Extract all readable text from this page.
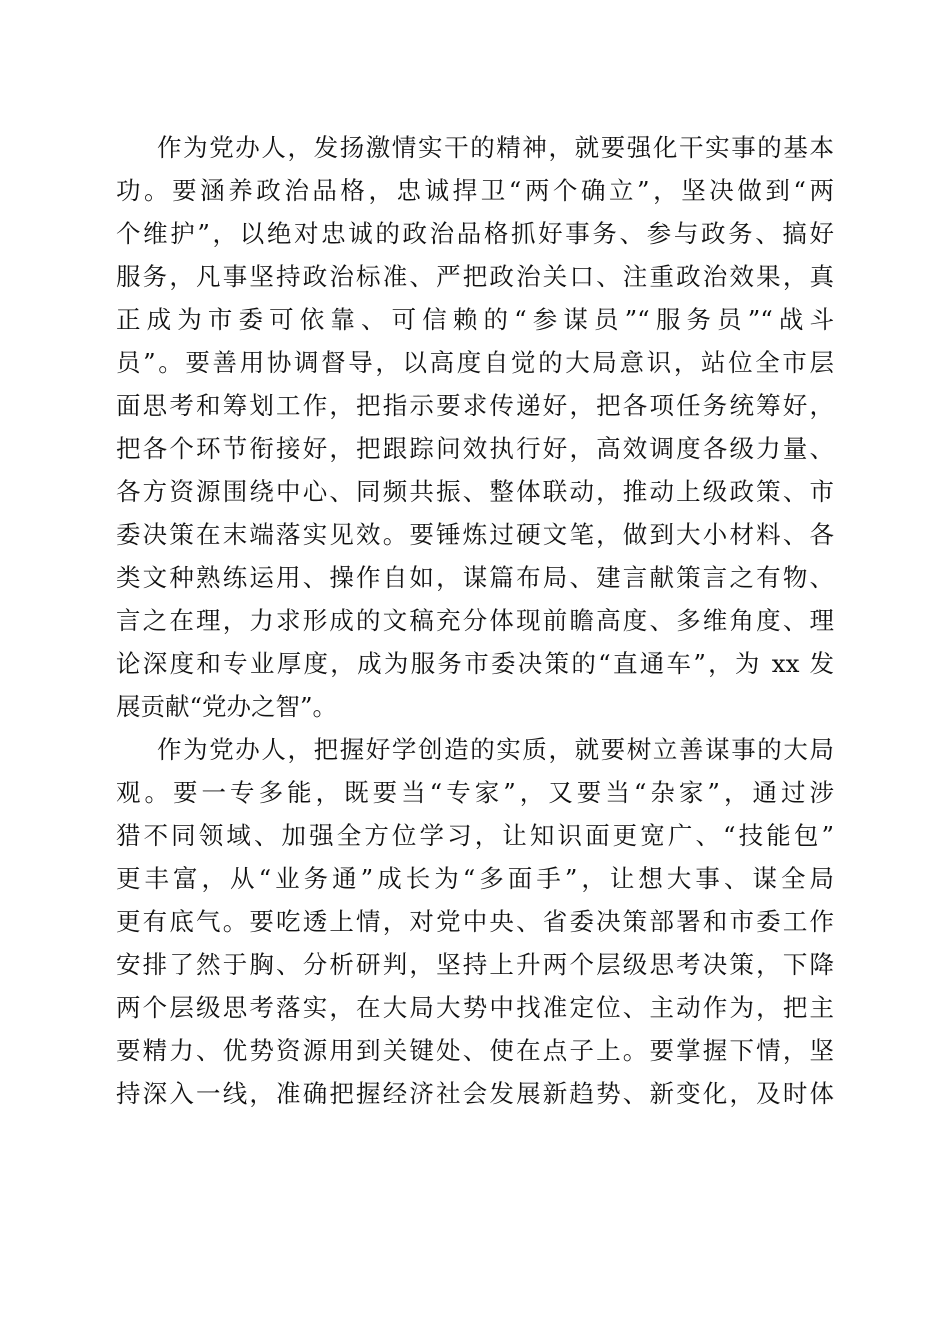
作为党办人，发扬激情实干的精神，就要强化干实事的基本
功。要涵养政治品格，忠诚捍卫“两个确立”，坚决做到“两
个维护”，以绝对忠诚的政治品格抓好事务、参与政务、搞好
服务，凡事坚持政治标准、严把政治关口、注重政治效果，真
正成为市委可依靠、可信赖的“参谋员”“服务员”“战斗
员”。要善用协调督导，以高度自觉的大局意识，站位全市层
面思考和筹划工作，把指示要求传递好，把各项任务统筹好，
把各个环节衔接好，把跟踪问效执行好，高效调度各级力量、
各方资源围绕中心、同频共振、整体联动，推动上级政策、市
委决策在末端落实见效。要锤炼过硬文笔，做到大小材料、各
类文种熟练运用、操作自如，谋篇布局、建言献策言之有物、
言之在理，力求形成的文稿充分体现前瞻高度、多维角度、理
论深度和专业厚度，成为服务市委决策的“直通车”，为 xx 发
展贡献“党办之智”。

作为党办人，把握好学创造的实质，就要树立善谋事的大局
观。要一专多能，既要当“专家”，又要当“杂家”，通过涉
猎不同领域、加强全方位学习，让知识面更宽广、“技能包”
更丰富，从“业务通”成长为“多面手”，让想大事、谋全局
更有底气。要吃透上情，对党中央、省委决策部署和市委工作
安排了然于胸、分析研判，坚持上升两个层级思考决策，下降
两个层级思考落实，在大局大势中找准定位、主动作为，把主
要精力、优势资源用到关键处、使在点子上。要掌握下情，坚
持深入一线，准确把握经济社会发展新趋势、新变化，及时体
